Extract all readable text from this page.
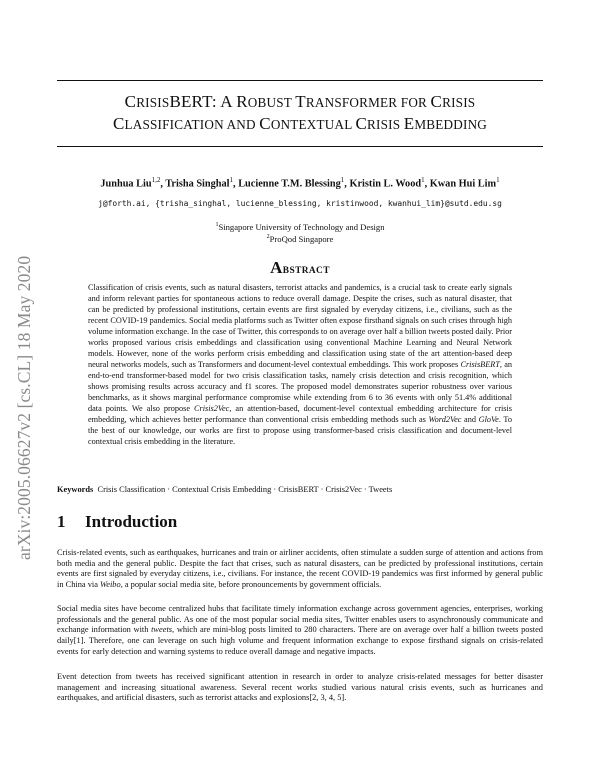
arXiv:2005.06627v2 [cs.CL] 18 May 2020
CRISISBERT: A ROBUST TRANSFORMER FOR CRISIS
CLASSIFICATION AND CONTEXTUAL CRISIS EMBEDDING
Junhua Liu$^{1,2}$, Trisha Singhal$^1$, Lucienne T.M. Blessing$^1$, Kristin L. Wood$^1$, Kwan Hui Lim$^1$
j@forth.ai, {trisha_singhal, lucienne_blessing, kristinwood, kwanhui_lim}@sutd.edu.sg
$^1$Singapore University of Technology and Design
$^2$ProQod Singapore
ABSTRACT

Classification of crisis events, such as natural disasters, terrorist attacks and pandemics, is a crucial task to create early signals and inform relevant parties for spontaneous actions to reduce overall damage. Despite the crises, such as natural disaster, that can be predicted by professional institutions, certain events are first signaled by everyday citizens, i.e., civilians, such as the recent COVID-19 pandemics. Social media platforms such as Twitter often expose firsthand signals on such crises through high volume information exchange. In the case of Twitter, this corresponds to on average over half a billion tweets posted daily. Prior works proposed various crisis embeddings and classification using conventional Machine Learning and Neural Network models. However, none of the works perform crisis embedding and classification using state of the art attention-based deep neural networks models, such as Transformers and document-level contextual embeddings. This work proposes CrisisBERT, an end-to-end transformer-based model for two crisis classification tasks, namely crisis detection and crisis recognition, which shows promising results across accuracy and f1 scores. The proposed model demonstrates superior robustness over various benchmarks, as it shows marginal performance compromise while extending from 6 to 36 events with only 51.4% additional data points. We also propose Crisis2Vec, an attention-based, document-level contextual embedding architecture for crisis embedding, which achieves better performance than conventional crisis embedding methods such as Word2Vec and GloVe. To the best of our knowledge, our works are first to propose using transformer-based crisis classification and document-level contextual crisis embedding in the literature.

Keywords Crisis Classification · Contextual Crisis Embedding · CrisisBERT · Crisis2Vec · Tweets
1 Introduction

Crisis-related events, such as earthquakes, hurricanes and train or airliner accidents, often stimulate a sudden surge of attention and actions from both media and the general public. Despite the fact that crises, such as natural disasters, can be predicted by professional institutions, certain events are first signaled by everyday citizens, i.e., civilians. For instance, the recent COVID-19 pandemics was first informed by general public in China via Weibo, a popular social media site, before pronouncements by government officials.

Social media sites have become centralized hubs that facilitate timely information exchange across government agencies, enterprises, working professionals and the general public. As one of the most popular social media sites, Twitter enables users to asynchronously communicate and exchange information with tweets, which are mini-blog posts limited to 280 characters. There are on average over half a billion tweets posted daily[1]. Therefore, one can leverage on such high volume and frequent information exchange to expose firsthand signals on crisis-related events for early detection and warning systems to reduce overall damage and negative impacts.

Event detection from tweets has received significant attention in research in order to analyze crisis-related messages for better disaster management and increasing situational awareness. Several recent works studied various natural crisis events, such as hurricanes and earthquakes, and artificial disasters, such as terrorist attacks and explosions[2, 3, 4, 5].
